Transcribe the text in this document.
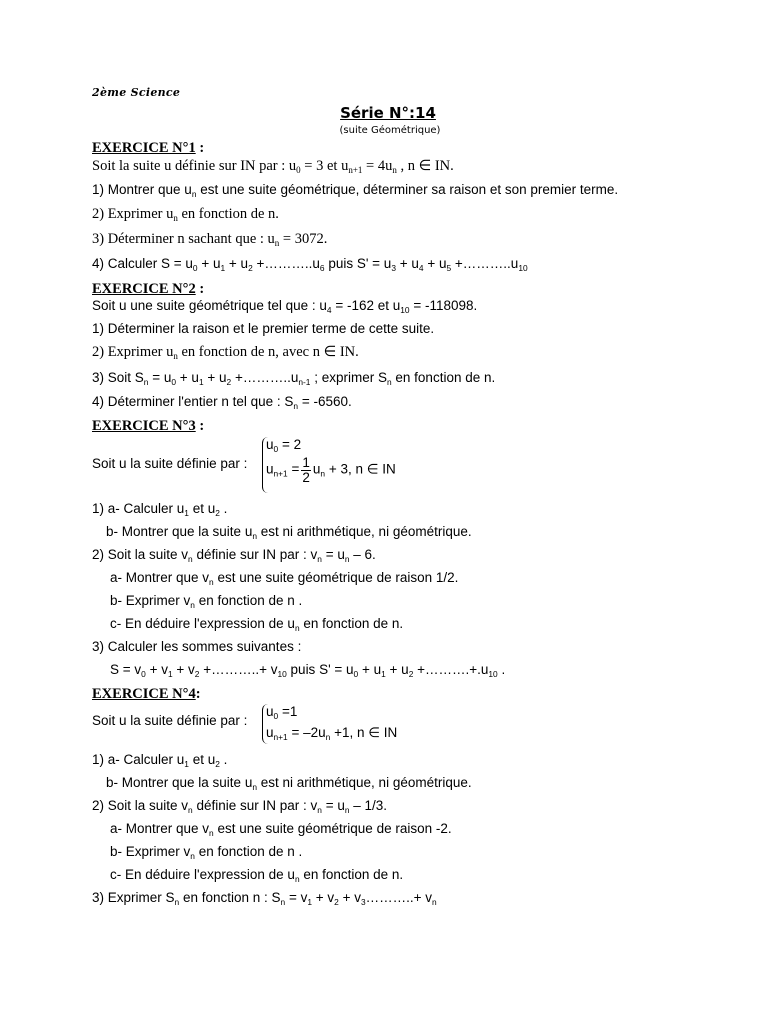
2ème Science
Série N°:14
(suite Géométrique)
EXERCICE N°1 :
Soit la suite u définie sur IN par : $u_0 = 3$ et $u_{n+1} = 4u_n$ , n ∈ IN.
1) Montrer que $u_n$ est une suite géométrique, déterminer sa raison et son premier terme.
2) Exprimer $u_n$ en fonction de n.
3) Déterminer n sachant que : $u_n = 3072$.
4) Calculer $S = u_0 + u_1 + u_2$ $+\dots\dots\dots..u_6$ puis $S' = u_3 + u_4 + u_5$ $+\dots\dots\dots..u_{10}$
EXERCICE N°2 :
Soit u une suite géométrique tel que : $u_4 = -162$ et $u_{10} = -118098$.
1) Déterminer la raison et le premier terme de cette suite.
2) Exprimer $u_n$ en fonction de n, avec n ∈ IN.
3) Soit $S_n = u_0 + u_1 + u_2$ $+\dots\dots\dots..u_{n-1}$ ; exprimer $S_n$ en fonction de n.
4) Déterminer l'entier n tel que : $S_n = -6560$.
EXERCICE N°3 :
Soit u la suite définie par :
$u_0 = 2$
$u_{n+1} = \frac{1}{2} u_n + 3$, n ∈ IN
1) a- Calculer $u_1$ et $u_2$ .
b- Montrer que la suite $u_n$ est ni arithmétique, ni géométrique.
2) Soit la suite $v_n$ définie sur IN par : $v_n = u_n - 6$.
a- Montrer que $v_n$ est une suite géométrique de raison 1/2.
b- Exprimer $v_n$ en fonction de n .
c- En déduire l'expression de $u_n$ en fonction de n.
3) Calculer les sommes suivantes :
$S = v_0 + v_1 + v_2$ +………..+ $v_{10}$ puis $S' = u_0 + u_1 + u_2$ $+\dots\dots\dots.+.u_{10}$ .
EXERCICE N°4:
Soit u la suite définie par :
$u_0 =1$
$u_{n+1} = -2u_n +1$, n ∈ IN
1) a- Calculer $u_1$ et $u_2$ .
b- Montrer que la suite $u_n$ est ni arithmétique, ni géométrique.
2) Soit la suite $v_n$ définie sur IN par : $v_n = u_n - 1/3$.
a- Montrer que $v_n$ est une suite géométrique de raison -2.
b- Exprimer $v_n$ en fonction de n .
c- En déduire l'expression de $u_n$ en fonction de n.
3) Exprimer $S_n$ en fonction n : $S_n = v_1 + v_2$ + $v_3\dots\dots\dots..+ v_n$
